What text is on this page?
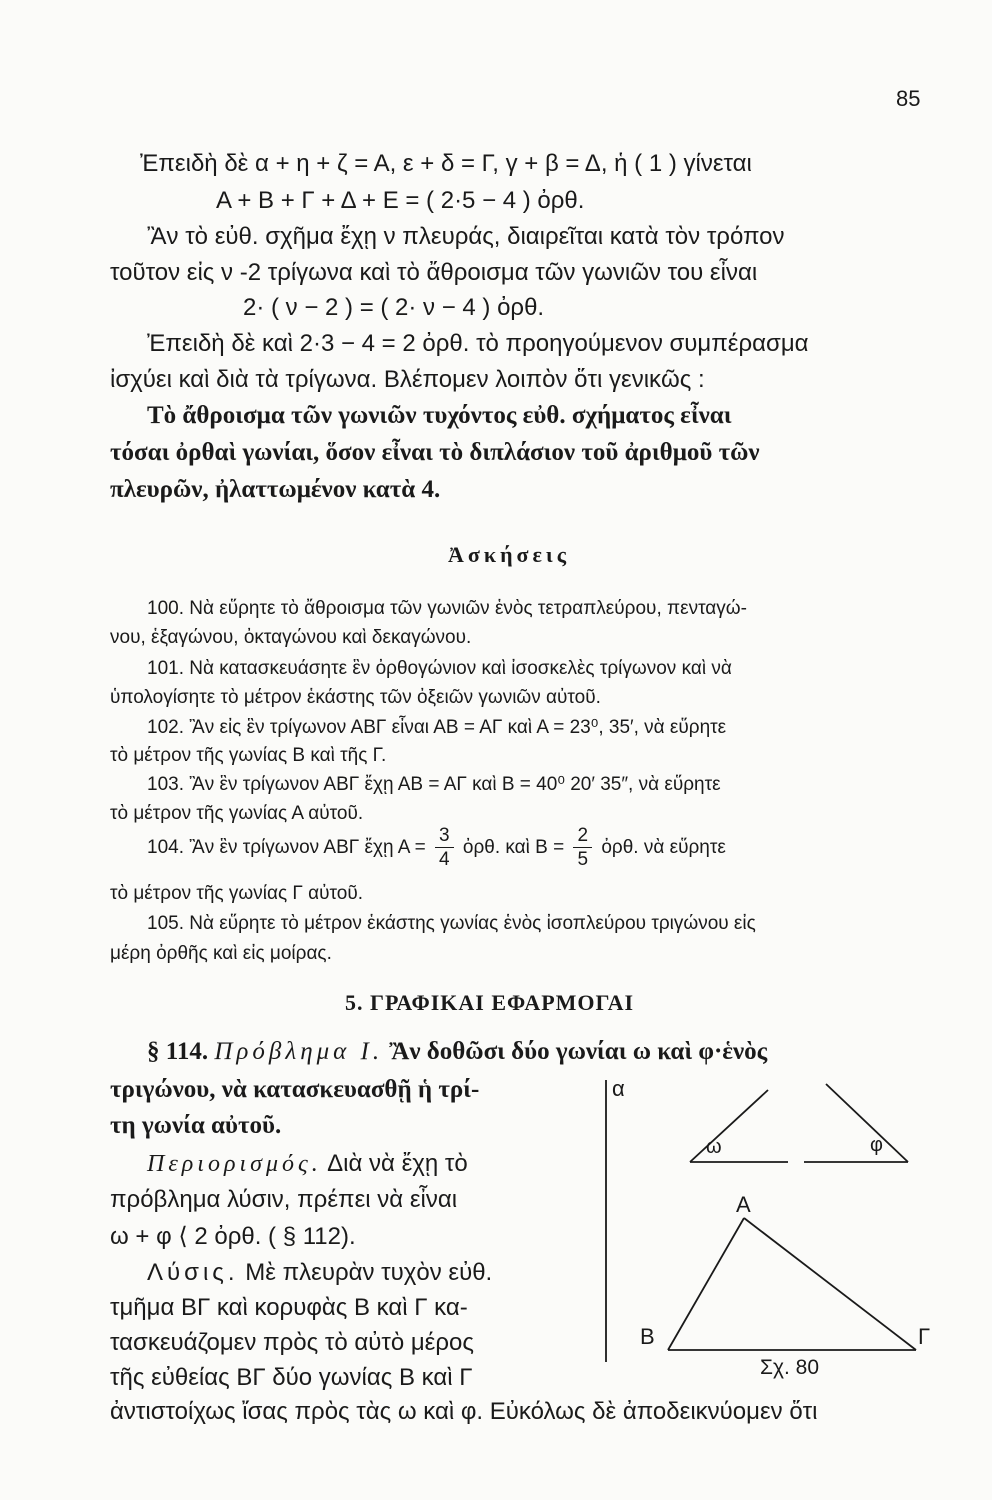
85
Ἐπειδὴ δὲ α + η + ζ = Α, ε + δ = Γ, γ + β = Δ, ἡ ( 1 ) γίνεται
Α + Β + Γ + Δ + Ε = ( 2·5 − 4 ) ὀρθ.
Ἂν τὸ εὐθ. σχῆμα ἔχῃ ν πλευράς, διαιρεῖται κατὰ τὸν τρόπον
τοῦτον εἰς ν -2 τρίγωνα καὶ τὸ ἄθροισμα τῶν γωνιῶν του εἶναι
2· ( ν − 2 ) = ( 2· ν − 4 ) ὀρθ.
Ἐπειδὴ δὲ καὶ 2·3 − 4 = 2 ὀρθ. τὸ προηγούμενον συμπέρασμα
ἰσχύει καὶ διὰ τὰ τρίγωνα. Βλέπομεν λοιπὸν ὅτι γενικῶς :
Τὸ ἄθροισμα τῶν γωνιῶν τυχόντος εὐθ. σχήματος εἶναι
τόσαι ὀρθαὶ γωνίαι, ὅσον εἶναι τὸ διπλάσιον τοῦ ἀριθμοῦ τῶν
πλευρῶν, ἠλαττωμένον κατὰ 4.
Ἀσκήσεις
100. Νὰ εὕρητε τὸ ἄθροισμα τῶν γωνιῶν ἑνὸς τετραπλεύρου, πενταγώ-
νου, ἑξαγώνου, ὀκταγώνου καὶ δεκαγώνου.
101. Νὰ κατασκευάσητε ἓν ὀρθογώνιον καὶ ἰσοσκελὲς τρίγωνον καὶ νὰ
ὑπολογίσητε τὸ μέτρον ἑκάστης τῶν ὀξειῶν γωνιῶν αὐτοῦ.
102. Ἂν εἰς ἓν τρίγωνον ΑΒΓ εἶναι ΑΒ = ΑΓ καὶ Α = 23⁰, 35′, νὰ εὕρητε
τὸ μέτρον τῆς γωνίας Β καὶ τῆς Γ.
103. Ἂν ἓν τρίγωνον ΑΒΓ ἔχῃ ΑΒ = ΑΓ καὶ Β = 40⁰ 20′ 35″, νὰ εὕρητε
τὸ μέτρον τῆς γωνίας Α αὐτοῦ.
104. Ἂν ἓν τρίγωνον ΑΒΓ ἔχῃ $A = \frac{3}{4}$ ὀρθ. καὶ $B = \frac{2}{5}$ ὀρθ. νὰ εὕρητε
τὸ μέτρον τῆς γωνίας Γ αὐτοῦ.
105. Νὰ εὕρητε τὸ μέτρον ἑκάστης γωνίας ἑνὸς ἰσοπλεύρου τριγώνου εἰς
μέρη ὀρθῆς καὶ εἰς μοίρας.
5. ΓΡΑΦΙΚΑΙ ΕΦΑΡΜΟΓΑΙ
§ 114. Πρόβλημα Ι. Ἂν δοθῶσι δύο γωνίαι ω καὶ φ·ἑνὸς
τριγώνου, νὰ κατασκευασθῇ ἡ τρί-
τη γωνία αὐτοῦ.
Περιορισμός. Διὰ νὰ ἔχῃ τὸ
πρόβλημα λύσιν, πρέπει νὰ εἶναι
ω + φ ⟨ 2 ὀρθ. ( § 112).
Λύσις. Μὲ πλευρὰν τυχὸν εὐθ.
τμῆμα ΒΓ καὶ κορυφὰς Β καὶ Γ κα-
τασκευάζομεν πρὸς τὸ αὐτὸ μέρος
τῆς εὐθείας ΒΓ δύο γωνίας Β καὶ Γ
ἀντιστοίχως ἴσας πρὸς τὰς ω καὶ φ. Εὐκόλως δὲ ἀποδεικνύομεν ὅτι
α
ω	φ
Α
Β	Γ
Σχ. 80
